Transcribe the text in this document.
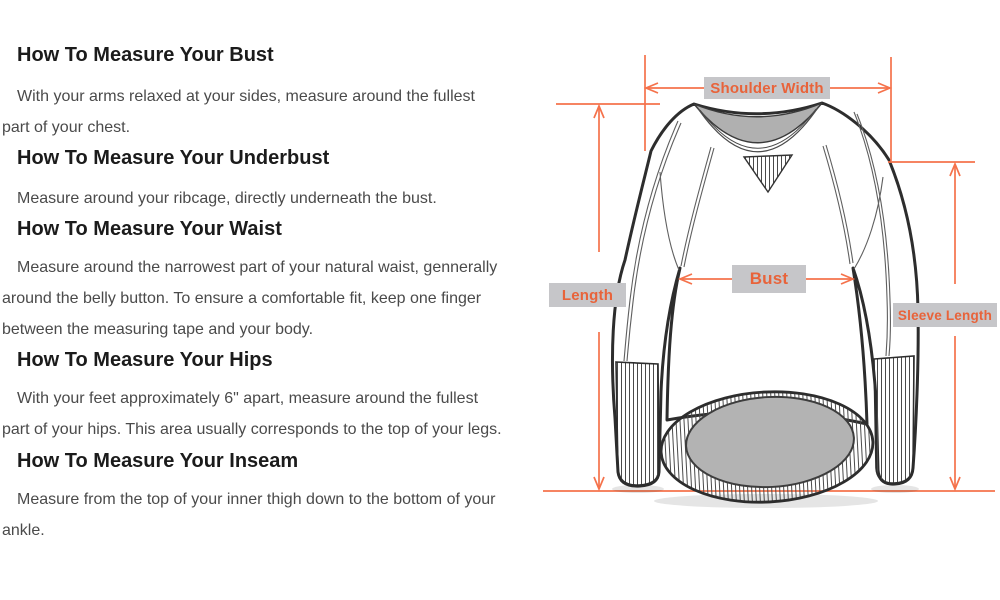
How To Measure Your Bust
With your arms relaxed at your sides, measure around the fullest
part of your chest.
How To Measure Your Underbust
Measure around your ribcage, directly underneath the bust.
How To Measure Your Waist
Measure around the narrowest part of your natural waist, gennerally
around the belly button. To ensure a comfortable fit, keep one finger
between the measuring tape and your body.
How To Measure Your Hips
With your feet approximately 6" apart, measure around the fullest
part of your hips. This area usually corresponds to the top of your legs.
How To Measure Your Inseam
Measure from the top of your inner thigh down to the bottom of your
ankle.
Shoulder Width
Bust
Length
Sleeve Length
